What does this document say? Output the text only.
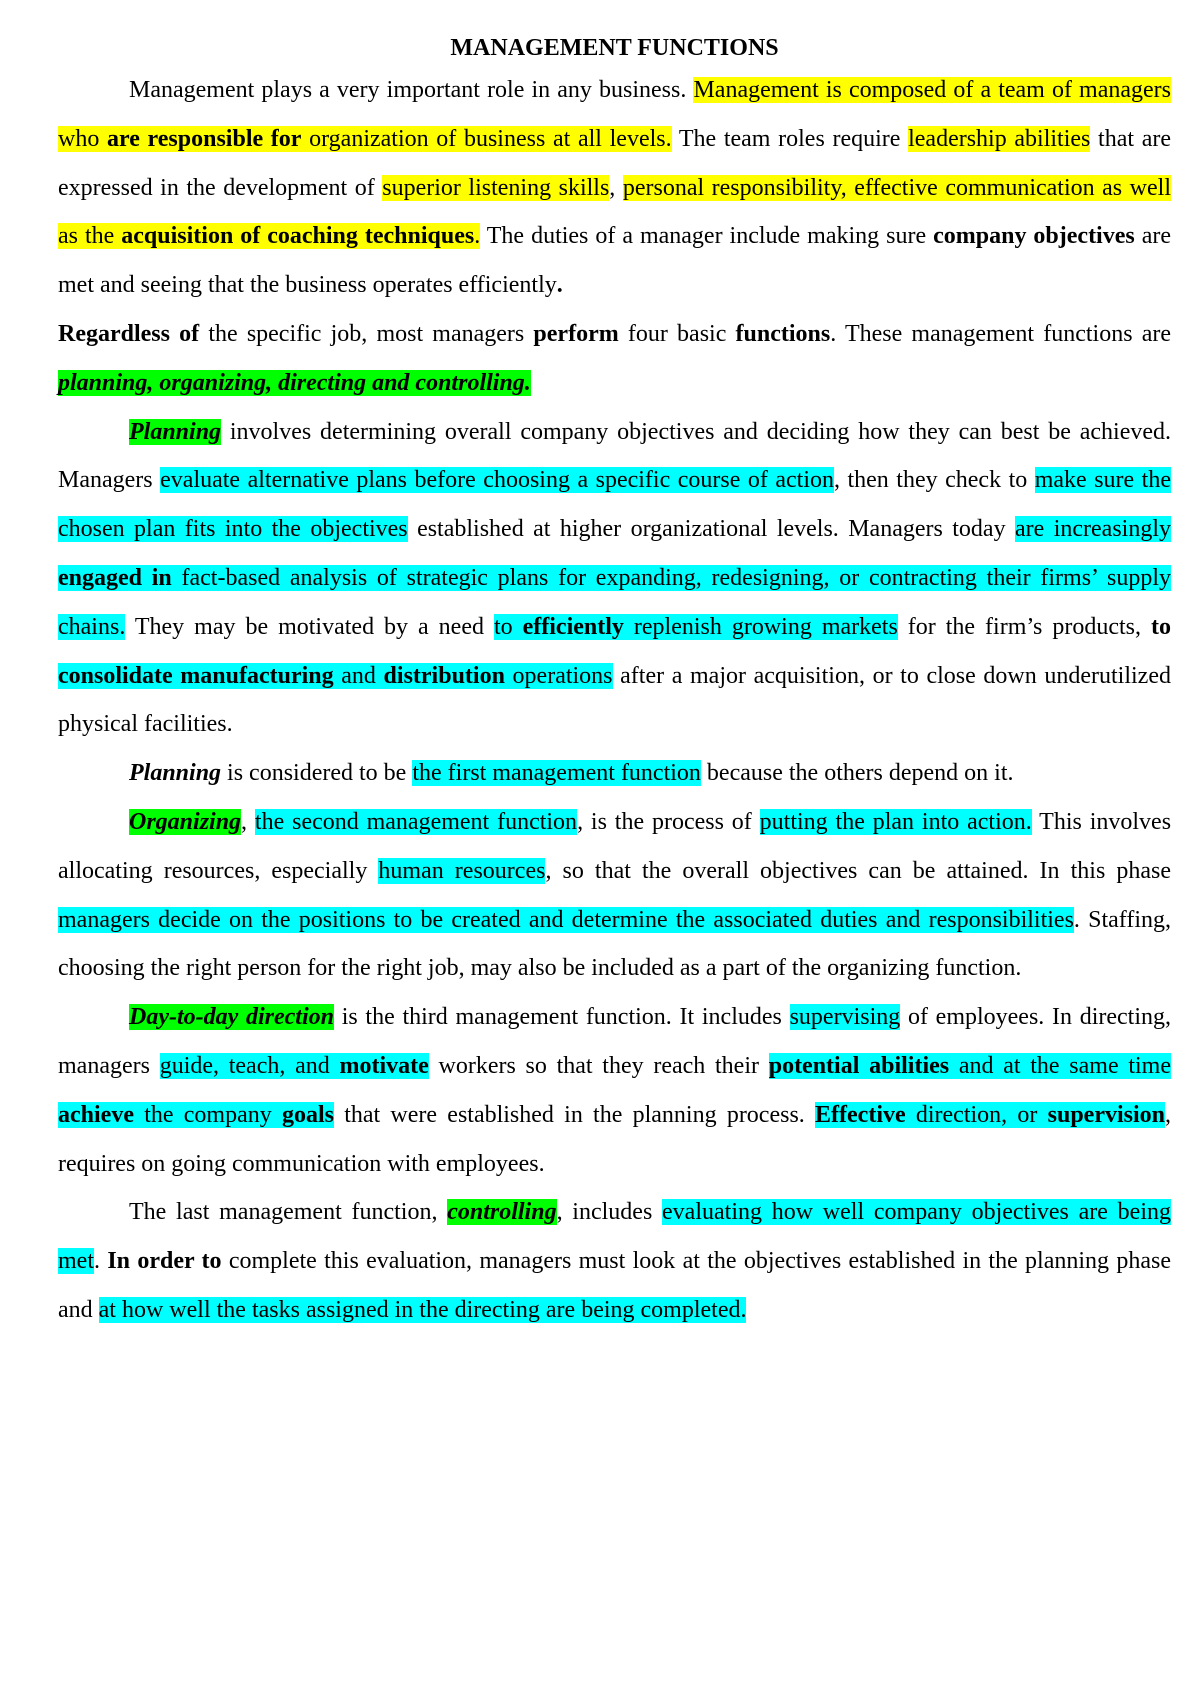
MANAGEMENT FUNCTIONS

Management plays a very important role in any business. Management is composed of a team of managers who are responsible for organization of business at all levels. The team roles require leadership abilities that are expressed in the development of superior listening skills, personal responsibility, effective communication as well as the acquisition of coaching techniques. The duties of a manager include making sure company objectives are met and seeing that the business operates efficiently.

Regardless of the specific job, most managers perform four basic functions. These management functions are planning, organizing, directing and controlling.

Planning involves determining overall company objectives and deciding how they can best be achieved. Managers evaluate alternative plans before choosing a specific course of action, then they check to make sure the chosen plan fits into the objectives established at higher organizational levels. Managers today are increasingly engaged in fact-based analysis of strategic plans for expanding, redesigning, or contracting their firms’ supply chains. They may be motivated by a need to efficiently replenish growing markets for the firm’s products, to consolidate manufacturing and distribution operations after a major acquisition, or to close down underutilized physical facilities.

Planning is considered to be the first management function because the others depend on it.

Organizing, the second management function, is the process of putting the plan into action. This involves allocating resources, especially human resources, so that the overall objectives can be attained. In this phase managers decide on the positions to be created and determine the associated duties and responsibilities. Staffing, choosing the right person for the right job, may also be included as a part of the organizing function.

Day-to-day direction is the third management function. It includes supervising of employees. In directing, managers guide, teach, and motivate workers so that they reach their potential abilities and at the same time achieve the company goals that were established in the planning process. Effective direction, or supervision, requires on going communication with employees.

The last management function, controlling, includes evaluating how well company objectives are being met. In order to complete this evaluation, managers must look at the objectives established in the planning phase and at how well the tasks assigned in the directing are being completed.
